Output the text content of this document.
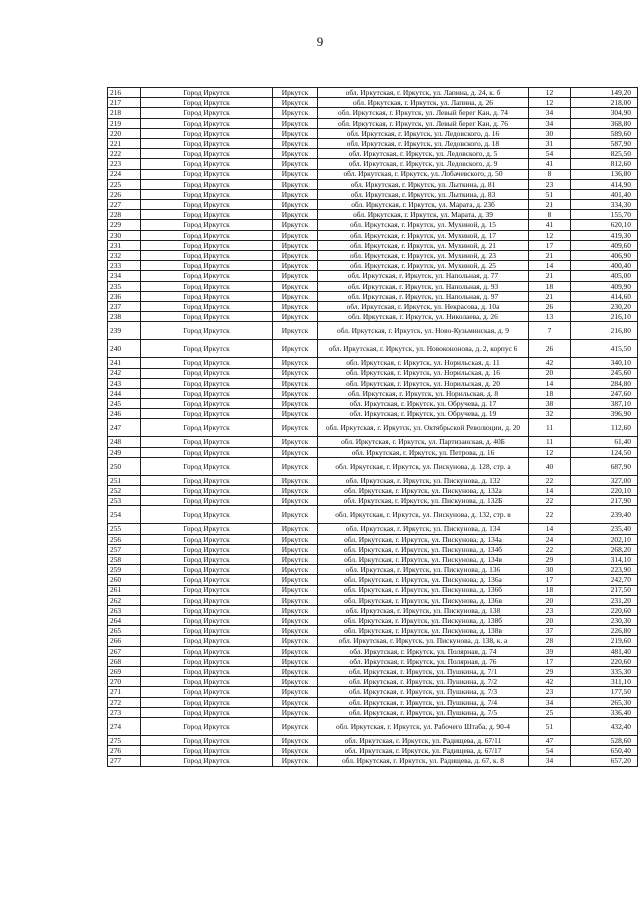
9
216	Город Иркутск	Иркутск	обл. Иркутская, г. Иркутск, ул. Лапина, д. 24, к. б	12	149,20
217	Город Иркутск	Иркутск	обл. Иркутская, г. Иркутск, ул. Лапина, д. 26	12	218,00
218	Город Иркутск	Иркутск	обл. Иркутская, г. Иркутск, ул. Левый берег Кан, д. 74	34	304,90
219	Город Иркутск	Иркутск	обл. Иркутская, г. Иркутск, ул. Левый берег Кан, д. 76	34	368,80
220	Город Иркутск	Иркутск	обл. Иркутская, г. Иркутск, ул. Ледовского, д. 16	30	589,60
221	Город Иркутск	Иркутск	обл. Иркутская, г. Иркутск, ул. Ледовского, д. 18	31	587,90
222	Город Иркутск	Иркутск	обл. Иркутская, г. Иркутск, ул. Ледовского, д. 5	54	825,50
223	Город Иркутск	Иркутск	обл. Иркутская, г. Иркутск, ул. Ледовского, д. 9	41	812,60
224	Город Иркутск	Иркутск	обл. Иркутская, г. Иркутск, ул. Лобачевского, д. 50	8	136,80
225	Город Иркутск	Иркутск	обл. Иркутская, г. Иркутск, ул. Лыткина, д. 81	23	414,90
226	Город Иркутск	Иркутск	обл. Иркутская, г. Иркутск, ул. Лыткина, д. 83	51	401,40
227	Город Иркутск	Иркутск	обл. Иркутская, г. Иркутск, ул. Марата, д. 23б	21	334,30
228	Город Иркутск	Иркутск	обл. Иркутская, г. Иркутск, ул. Марата, д. 39	8	155,70
229	Город Иркутск	Иркутск	обл. Иркутская, г. Иркутск, ул. Мухиной, д. 15	41	620,10
230	Город Иркутск	Иркутск	обл. Иркутская, г. Иркутск, ул. Мухиной, д. 17	12	419,30
231	Город Иркутск	Иркутск	обл. Иркутская, г. Иркутск, ул. Мухиной, д. 21	17	409,60
232	Город Иркутск	Иркутск	обл. Иркутская, г. Иркутск, ул. Мухиной, д. 23	21	406,90
233	Город Иркутск	Иркутск	обл. Иркутская, г. Иркутск, ул. Мухиной, д. 25	14	400,40
234	Город Иркутск	Иркутск	обл. Иркутская, г. Иркутск, ул. Напольная, д. 77	21	405,00
235	Город Иркутск	Иркутск	обл. Иркутская, г. Иркутск, ул. Напольная, д. 93	18	409,90
236	Город Иркутск	Иркутск	обл. Иркутская, г. Иркутск, ул. Напольная, д. 97	21	414,60
237	Город Иркутск	Иркутск	обл. Иркутская, г. Иркутск, ул. Некрасова, д. 10а	26	230,20
238	Город Иркутск	Иркутск	обл. Иркутская, г. Иркутск, ул. Николаева, д. 26	13	216,10
239	Город Иркутск	Иркутск	обл. Иркутская, г. Иркутск, ул. Ново-Кузьминская, д. 9	7	216,80
240	Город Иркутск	Иркутск	обл. Иркутская, г. Иркутск, ул. Новокононова, д. 2, корпус 6	26	415,50
241	Город Иркутск	Иркутск	обл. Иркутская, г. Иркутск, ул. Норильская, д. 11	42	340,10
242	Город Иркутск	Иркутск	обл. Иркутская, г. Иркутск, ул. Норильская, д. 16	20	245,60
243	Город Иркутск	Иркутск	обл. Иркутская, г. Иркутск, ул. Норильская, д. 20	14	284,80
244	Город Иркутск	Иркутск	обл. Иркутская, г. Иркутск, ул. Норильская, д. 8	18	247,60
245	Город Иркутск	Иркутск	обл. Иркутская, г. Иркутск, ул. Обручева, д. 17	38	387,10
246	Город Иркутск	Иркутск	обл. Иркутская, г. Иркутск, ул. Обручева, д. 19	32	396,90
247	Город Иркутск	Иркутск	обл. Иркутская, г. Иркутск, ул. Октябрьской Революции, д. 20	11	112,60
248	Город Иркутск	Иркутск	обл. Иркутская, г. Иркутск, ул. Партизанская, д. 40Б	11	61,40
249	Город Иркутск	Иркутск	обл. Иркутская, г. Иркутск, ул. Петрова, д. 16	12	124,50
250	Город Иркутск	Иркутск	обл. Иркутская, г. Иркутск, ул. Пискунова, д. 128, стр. а	40	687,90
251	Город Иркутск	Иркутск	обл. Иркутская, г. Иркутск, ул. Пискунова, д. 132	22	327,00
252	Город Иркутск	Иркутск	обл. Иркутская, г. Иркутск, ул. Пискунова, д. 132а	14	220,10
253	Город Иркутск	Иркутск	обл. Иркутская, г. Иркутск, ул. Пискунова, д. 132Б	22	217,90
254	Город Иркутск	Иркутск	обл. Иркутская, г. Иркутск, ул. Пискунова, д. 132, стр. в	22	239,40
255	Город Иркутск	Иркутск	обл. Иркутская, г. Иркутск, ул. Пискунова, д. 134	14	235,40
256	Город Иркутск	Иркутск	обл. Иркутская, г. Иркутск, ул. Пискунова, д. 134а	24	202,10
257	Город Иркутск	Иркутск	обл. Иркутская, г. Иркутск, ул. Пискунова, д. 134б	22	268,20
258	Город Иркутск	Иркутск	обл. Иркутская, г. Иркутск, ул. Пискунова, д. 134в	29	314,10
259	Город Иркутск	Иркутск	обл. Иркутская, г. Иркутск, ул. Пискунова, д. 136	30	223,90
260	Город Иркутск	Иркутск	обл. Иркутская, г. Иркутск, ул. Пискунова, д. 136а	17	242,70
261	Город Иркутск	Иркутск	обл. Иркутская, г. Иркутск, ул. Пискунова, д. 136б	18	217,50
262	Город Иркутск	Иркутск	обл. Иркутская, г. Иркутск, ул. Пискунова, д. 136в	20	231,20
263	Город Иркутск	Иркутск	обл. Иркутская, г. Иркутск, ул. Пискунова, д. 138	23	220,60
264	Город Иркутск	Иркутск	обл. Иркутская, г. Иркутск, ул. Пискунова, д. 138б	20	230,30
265	Город Иркутск	Иркутск	обл. Иркутская, г. Иркутск, ул. Пискунова, д. 138в	37	226,80
266	Город Иркутск	Иркутск	обл. Иркутская, г. Иркутск, ул. Пискунова, д. 138, к. а	28	219,60
267	Город Иркутск	Иркутск	обл. Иркутская, г. Иркутск, ул. Полярная, д. 74	39	481,40
268	Город Иркутск	Иркутск	обл. Иркутская, г. Иркутск, ул. Полярная, д. 76	17	220,60
269	Город Иркутск	Иркутск	обл. Иркутская, г. Иркутск, ул. Пушкина, д. 7/1	29	335,30
270	Город Иркутск	Иркутск	обл. Иркутская, г. Иркутск, ул. Пушкина, д. 7/2	42	311,10
271	Город Иркутск	Иркутск	обл. Иркутская, г. Иркутск, ул. Пушкина, д. 7/3	23	177,50
272	Город Иркутск	Иркутск	обл. Иркутская, г. Иркутск, ул. Пушкина, д. 7/4	34	265,30
273	Город Иркутск	Иркутск	обл. Иркутская, г. Иркутск, ул. Пушкина, д. 7/5	25	336,40
274	Город Иркутск	Иркутск	обл. Иркутская, г. Иркутск, ул. Рабочего Штаба, д. 90-4	51	432,40
275	Город Иркутск	Иркутск	обл. Иркутская, г. Иркутск, ул. Радищева, д. 67/11	47	528,60
276	Город Иркутск	Иркутск	обл. Иркутская, г. Иркутск, ул. Радищева, д. 67/17	54	650,40
277	Город Иркутск	Иркутск	обл. Иркутская, г. Иркутск, ул. Радищева, д. 67, к. 8	34	657,20
